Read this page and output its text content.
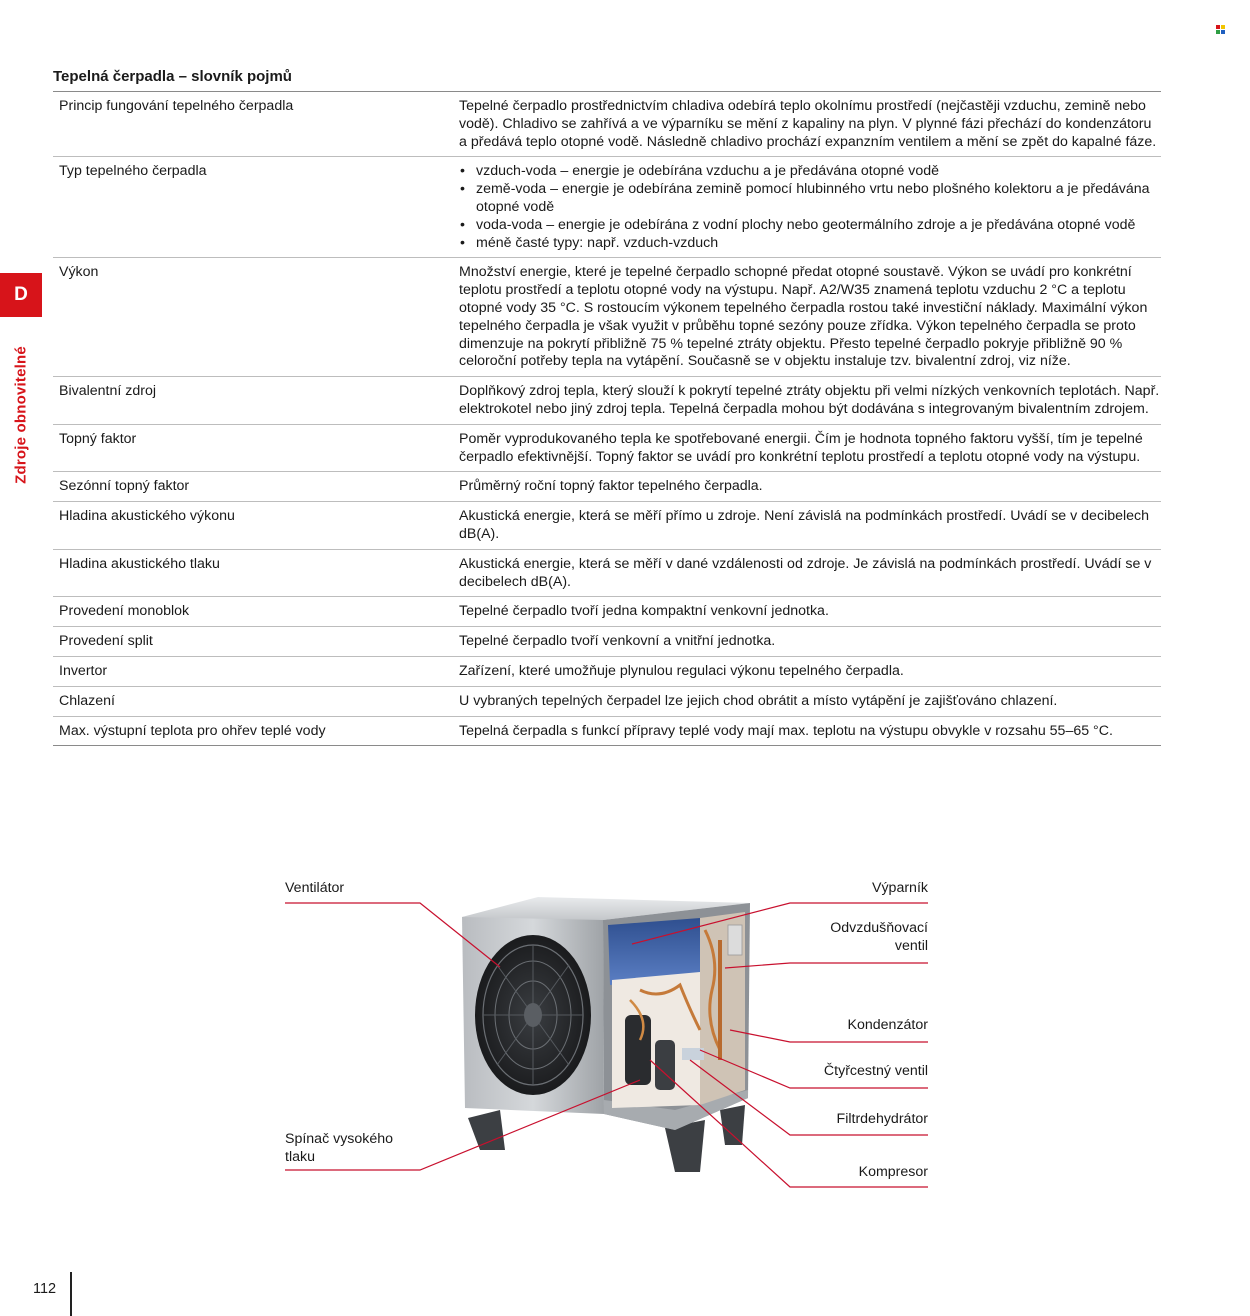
D
Zdroje obnovitelné
Tepelná čerpadla – slovník pojmů
Princip fungování tepelného čerpadla	Tepelné čerpadlo prostřednictvím chladiva odebírá teplo okolnímu prostředí (nejčastěji vzduchu, zemině nebo vodě). Chladivo se zahřívá a ve výparníku se mění z kapaliny na plyn. V plynné fázi přechází do kondenzátoru a předává teplo otopné vodě. Následně chladivo prochází expanzním ventilem a mění se zpět do kapalné fáze.
Typ tepelného čerpadla
•	vzduch-voda – energie je odebírána vzduchu a je předávána otopné vodě
• země-voda – energie je odebírána zemině pomocí hlubinného vrtu nebo plošného kolektoru a je předávána otopné vodě
• voda-voda – energie je odebírána z vodní plochy nebo geotermálního zdroje a je předávána otopné vodě
• méně časté typy: např. vzduch-vzduch
Výkon	Množství energie, které je tepelné čerpadlo schopné předat otopné soustavě. Výkon se uvádí pro konkrétní teplotu prostředí a teplotu otopné vody na výstupu. Např. A2/W35 znamená teplotu vzduchu 2 °C a teplotu otopné vody 35 °C. S rostoucím výkonem tepelného čerpadla rostou také investiční náklady. Maximální výkon tepelného čerpadla je však využit v průběhu topné sezóny pouze zřídka. Výkon tepelného čerpadla se proto dimenzuje na pokrytí přibližně 75 % tepelné ztráty objektu. Přesto tepelné čerpadlo pokryje přibližně 90 % celoroční potřeby tepla na vytápění. Současně se v objektu instaluje tzv. bivalentní zdroj, viz níže.
Bivalentní zdroj	Doplňkový zdroj tepla, který slouží k pokrytí tepelné ztráty objektu při velmi nízkých venkovních teplotách. Např. elektrokotel nebo jiný zdroj tepla. Tepelná čerpadla mohou být dodávána s integrovaným bivalentním zdrojem.
Topný faktor	Poměr vyprodukovaného tepla ke spotřebované energii. Čím je hodnota topného faktoru vyšší, tím je tepelné čerpadlo efektivnější. Topný faktor se uvádí pro konkrétní teplotu prostředí a teplotu otopné vody na výstupu.
Sezónní topný faktor	Průměrný roční topný faktor tepelného čerpadla.
Hladina akustického výkonu	Akustická energie, která se měří přímo u zdroje. Není závislá na podmínkách prostředí. Uvádí se v decibelech dB(A).
Hladina akustického tlaku	Akustická energie, která se měří v dané vzdálenosti od zdroje. Je závislá na podmínkách prostředí. Uvádí se v decibelech dB(A).
Provedení monoblok	Tepelné čerpadlo tvoří jedna kompaktní venkovní jednotka.
Provedení split	Tepelné čerpadlo tvoří venkovní a vnitřní jednotka.
Invertor	Zařízení, které umožňuje plynulou regulaci výkonu tepelného čerpadla.
Chlazení	U vybraných tepelných čerpadel lze jejich chod obrátit a místo vytápění je zajišťováno chlazení.
Max. výstupní teplota pro ohřev teplé vody	Tepelná čerpadla s funkcí přípravy teplé vody mají max. teplotu na výstupu obvykle v rozsahu 55–65 °C.
Ventilátor	Výparník
Odvzdušňovací
ventil
Kondenzátor
Čtyřcestný ventil
Filtrdehydrátor
Kompresor
Spínač vysokého
tlaku
112
